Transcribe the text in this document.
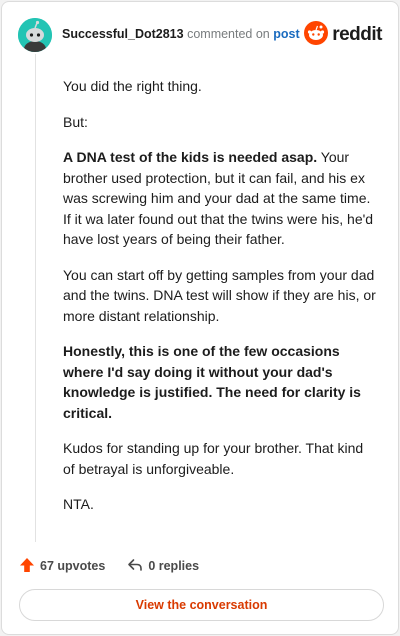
Successful_Dot2813 commented on post reddit

You did the right thing.

But:

A DNA test of the kids is needed asap. Your brother used protection, but it can fail, and his ex was screwing him and your dad at the same time. If it wa later found out that the twins were his, he'd have lost years of being their father.

You can start off by getting samples from your dad and the twins. DNA test will show if they are his, or more distant relationship.

Honestly, this is one of the few occasions where I'd say doing it without your dad's knowledge is justified. The need for clarity is critical.

Kudos for standing up for your brother. That kind of betrayal is unforgiveable.

NTA.

67 upvotes	0 replies
View the conversation
